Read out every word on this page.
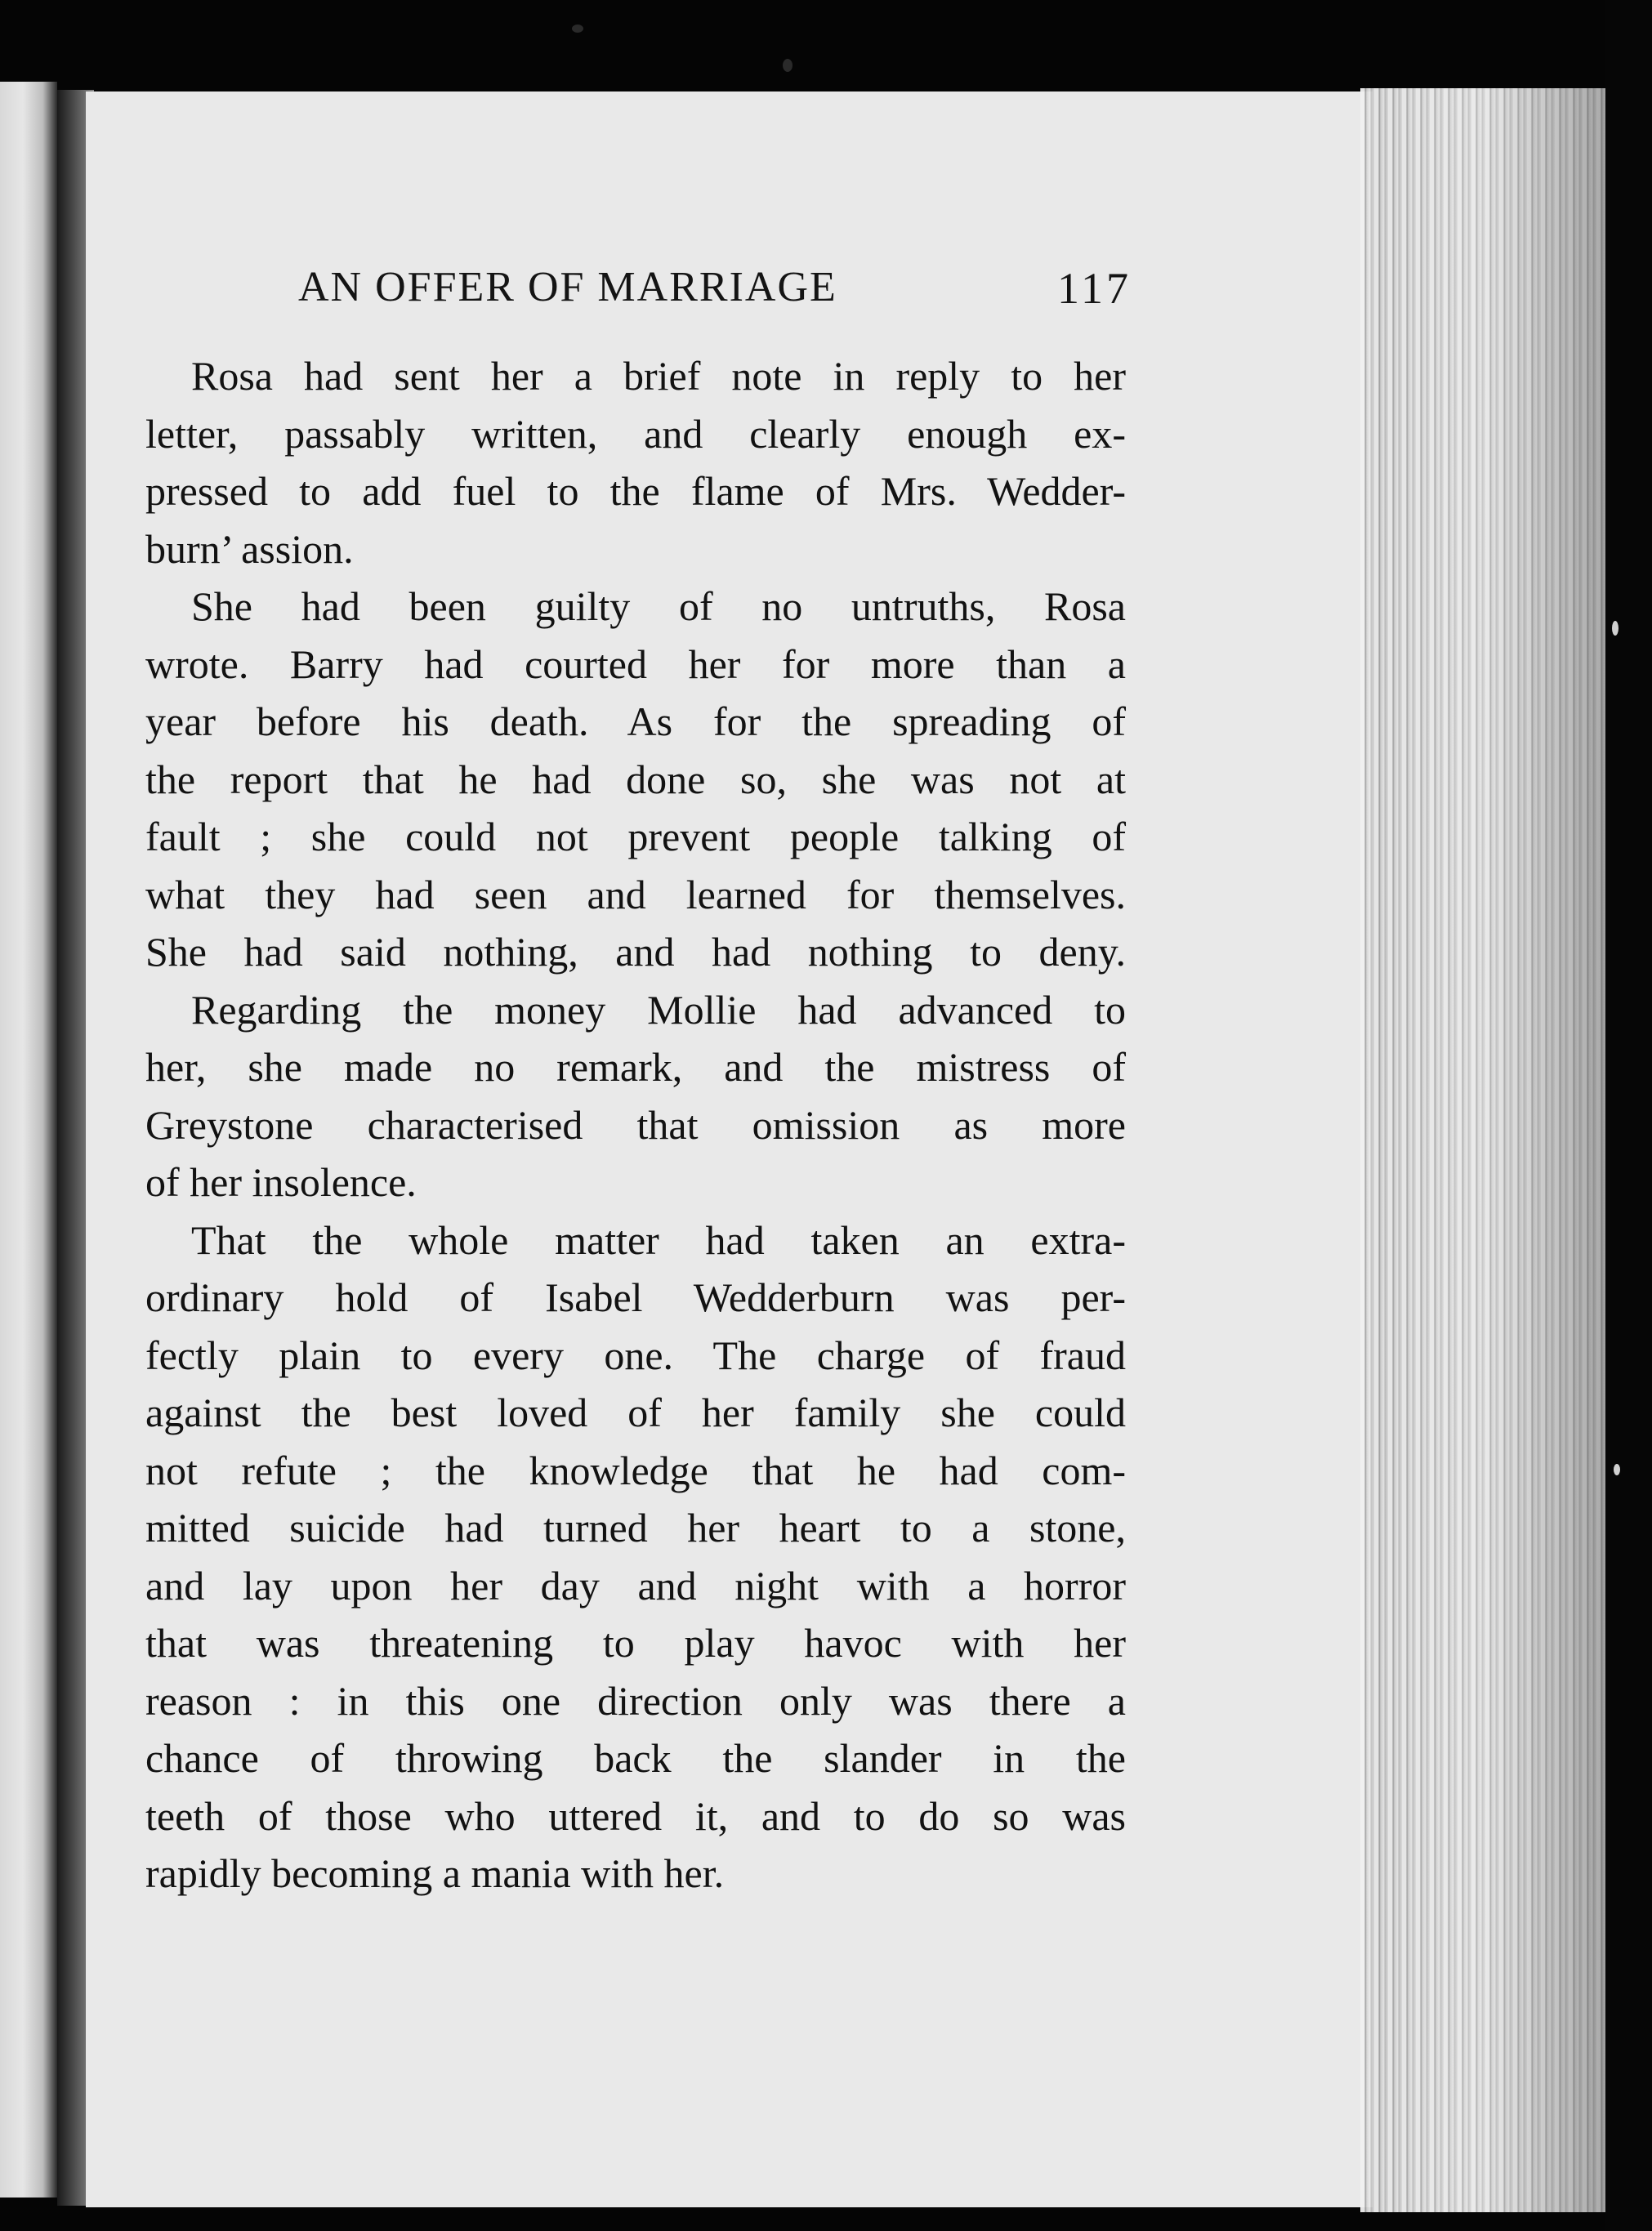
AN OFFER OF MARRIAGE	117

Rosa had sent her a brief note in reply to her
letter, passably written, and clearly enough ex-
pressed to add fuel to the flame of Mrs. Wedder-
burn’ assion.

She had been guilty of no untruths, Rosa
wrote. Barry had courted her for more than a
year before his death. As for the spreading of
the report that he had done so, she was not at
fault ; she could not prevent people talking of
what they had seen and learned for themselves.
She had said nothing, and had nothing to deny.

Regarding the money Mollie had advanced to
her, she made no remark, and the mistress of
Greystone characterised that omission as more
of her insolence.

That the whole matter had taken an extra-
ordinary hold of Isabel Wedderburn was per-
fectly plain to every one. The charge of fraud
against the best loved of her family she could
not refute ; the knowledge that he had com-
mitted suicide had turned her heart to a stone,
and lay upon her day and night with a horror
that was threatening to play havoc with her
reason : in this one direction only was there a
chance of throwing back the slander in the
teeth of those who uttered it, and to do so was
rapidly becoming a mania with her.
